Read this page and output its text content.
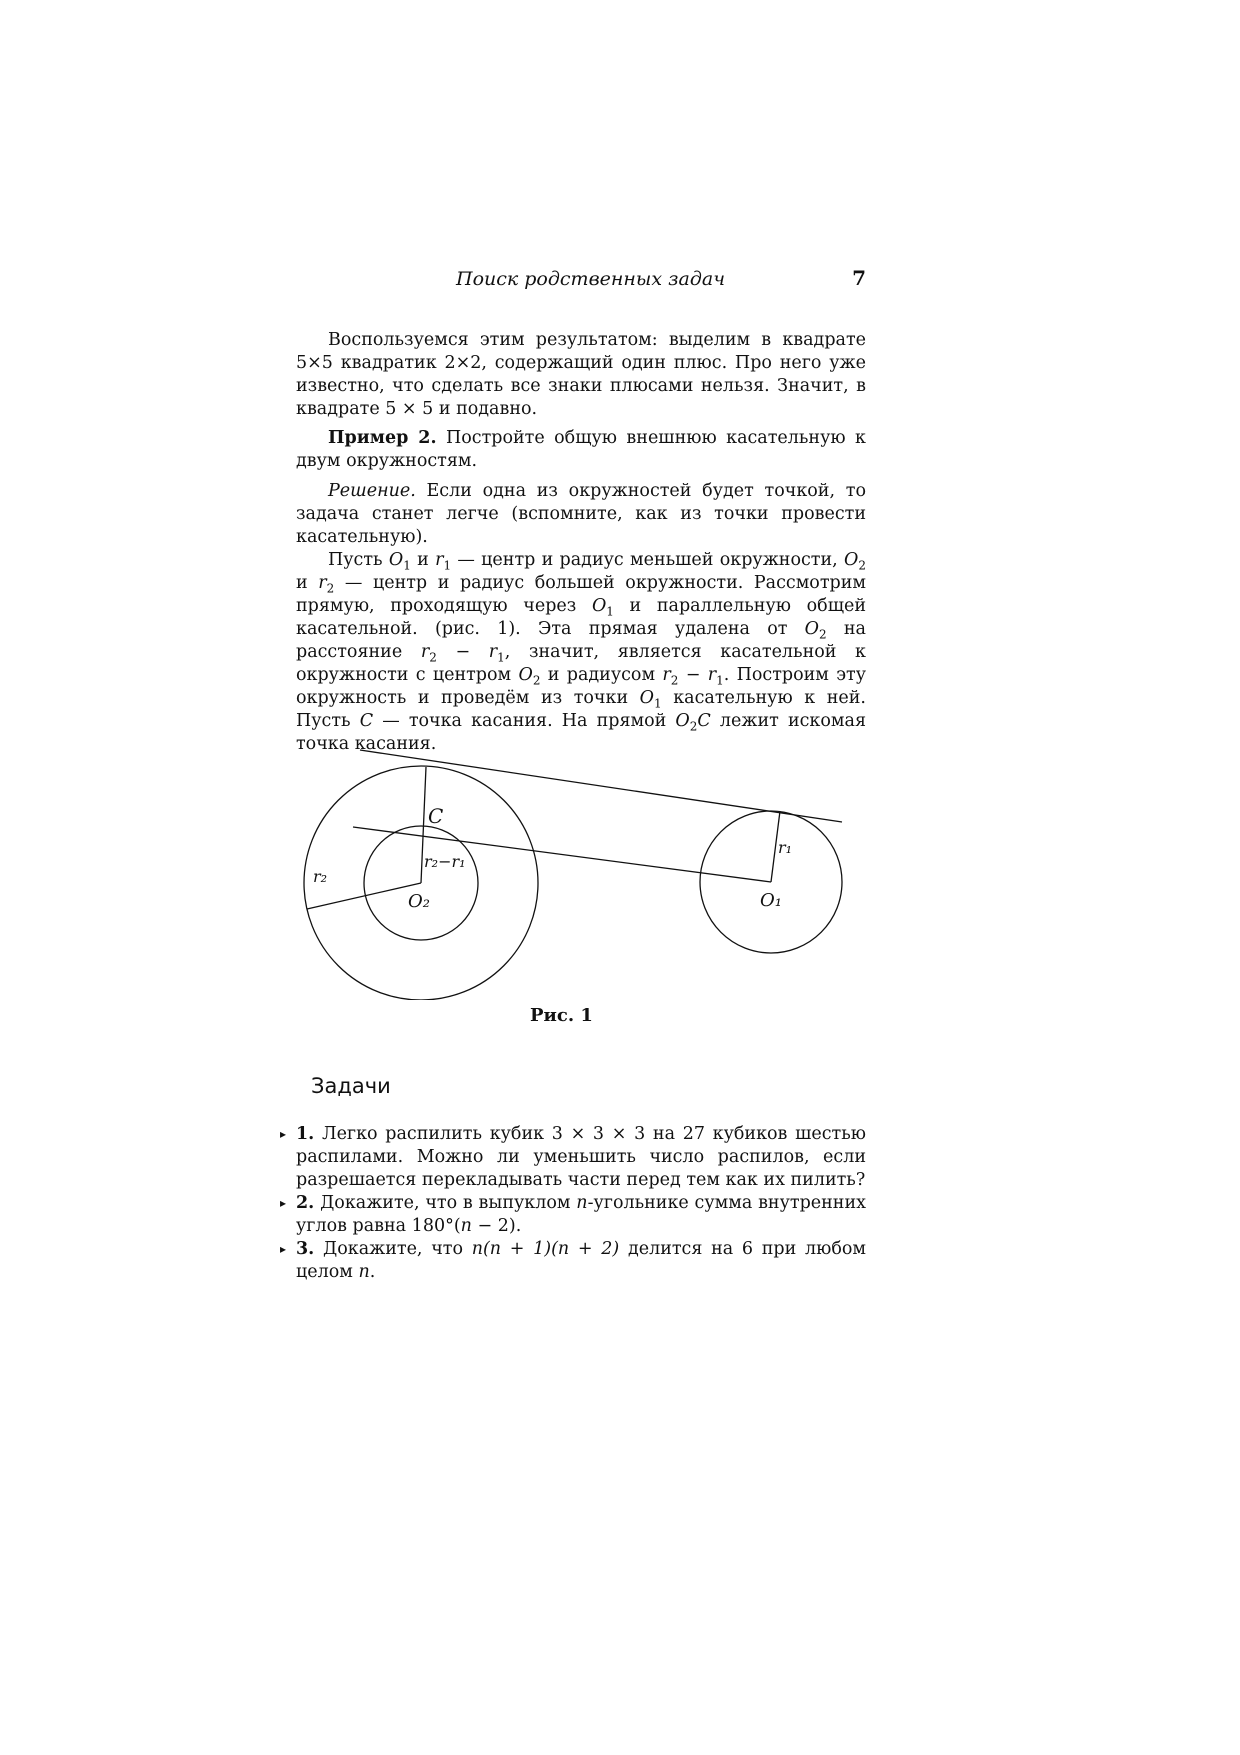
Поиск родственных задач	7

Воспользуемся этим результатом: выделим в квадрате 5×5 квадратик 2×2, содержащий один плюс. Про него уже известно, что сделать все знаки плюсами нельзя. Значит, в квадрате 5 × 5 и подавно.

Пример 2. Постройте общую внешнюю касательную к двум окружностям.

Решение. Если одна из окружностей будет точкой, то задача станет легче (вспомните, как из точки провести касательную).

Пусть $O_1$ и $r_1$ — центр и радиус меньшей окружности, $O_2$ и $r_2$ — центр и радиус большей окружности. Рассмотрим прямую, проходящую через $O_1$ и параллельную общей касательной. (рис. 1). Эта прямая удалена от $O_2$ на расстояние $r_2 - r_1$, значит, является касательной к окружности с центром $O_2$ и радиусом $r_2 - r_1$. Построим эту окружность и проведём из точки $O_1$ касательную к ней. Пусть C — точка касания. На прямой $O_2C$ лежит искомая точка касания.

C
r₂−r₁
r₂
r₁
O₂	O₁
Рис. 1
Задачи
▸ 1. Легко распилить кубик 3 × 3 × 3 на 27 кубиков шестью распилами. Можно ли уменьшить число распилов, если разрешается перекладывать части перед тем как их пилить?
▸ 2. Докажите, что в выпуклом n-угольнике сумма внутренних углов равна 180°(n − 2).
▸ 3. Докажите, что n(n + 1)(n + 2) делится на 6 при любом целом n.
